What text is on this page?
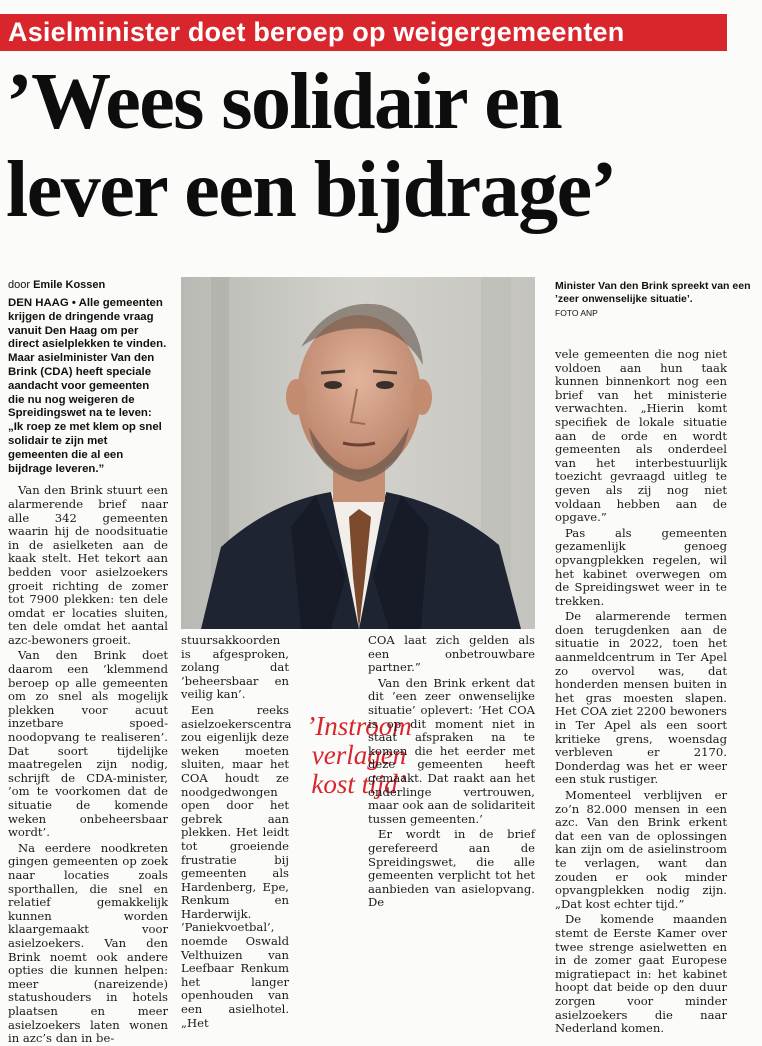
Asielminister doet beroep op weigergemeenten
’Wees solidair en
lever een bijdrage’
door Emile Kossen	Minister Van den Brink spreekt van een ’zeer onwenselijke situatie’.
FOTO ANP

DEN HAAG • Alle gemeenten krijgen de dringende vraag vanuit Den Haag om per direct asielplekken te vinden. Maar asielminister Van den Brink (CDA) heeft speciale aandacht voor gemeenten die nu nog weigeren de Spreidingswet na te leven: „Ik roep ze met klem op snel solidair te zijn met gemeenten die al een bijdrage leveren.”

Van den Brink stuurt een alarmerende brief naar alle 342 gemeenten waarin hij de noodsituatie in de asielketen aan de kaak stelt. Het tekort aan bedden voor asielzoekers groeit richting de zomer tot 7900 plekken: ten dele omdat er locaties sluiten, ten dele omdat het aantal azc-bewoners groeit.

Van den Brink doet daarom een ’klemmend beroep op alle gemeenten om zo snel als mogelijk plekken voor acuut inzetbare spoed-noodopvang te realiseren’. Dat soort tijdelijke maatregelen zijn nodig, schrijft de CDA-minister, ’om te voorkomen dat de situatie de komende weken onbeheersbaar wordt’.

Na eerdere noodkreten gingen gemeenten op zoek naar locaties zoals sporthallen, die snel en relatief gemakkelijk kunnen worden klaargemaakt voor asielzoekers. Van den Brink noemt ook andere opties die kunnen helpen: meer (nareizende) statushouders in hotels plaatsen en meer asielzoekers laten wonen in azc’s dan in be-

stuursakkoorden is afgesproken, zolang dat ’beheersbaar en veilig kan’.

Een reeks asielzoekerscentra zou eigenlijk deze weken moeten sluiten, maar het COA houdt ze noodgedwongen open door het gebrek aan plekken. Het leidt tot groeiende frustratie bij gemeenten als Hardenberg, Epe, Renkum en Harderwijk. ’Paniekvoetbal’, noemde Oswald Velthuizen van Leefbaar Renkum het langer openhouden van een asielhotel. „Het

’Instroom verlagen kost tijd’

COA laat zich gelden als een onbetrouwbare partner.”

Van den Brink erkent dat dit ’een zeer onwenselijke situatie’ oplevert: ’Het COA is op dit moment niet in staat afspraken na te komen die het eerder met deze gemeenten heeft gemaakt. Dat raakt aan het onderlinge vertrouwen, maar ook aan de solidariteit tussen gemeenten.’

Er wordt in de brief gerefereerd aan de Spreidingswet, die alle gemeenten verplicht tot het aanbieden van asielopvang. De

vele gemeenten die nog niet voldoen aan hun taak kunnen binnenkort nog een brief van het ministerie verwachten. „Hierin komt specifiek de lokale situatie aan de orde en wordt gemeenten als onderdeel van het interbestuurlijk toezicht gevraagd uitleg te geven als zij nog niet voldaan hebben aan de opgave.”

Pas als gemeenten gezamenlijk genoeg opvangplekken regelen, wil het kabinet overwegen om de Spreidingswet weer in te trekken.

De alarmerende termen doen terugdenken aan de situatie in 2022, toen het aanmeldcentrum in Ter Apel zo overvol was, dat honderden mensen buiten in het gras moesten slapen. Het COA ziet 2200 bewoners in Ter Apel als een soort kritieke grens, woensdag verbleven er 2170. Donderdag was het er weer een stuk rustiger.

Momenteel verblijven er zo’n 82.000 mensen in een azc. Van den Brink erkent dat een van de oplossingen kan zijn om de asielinstroom te verlagen, want dan zouden er ook minder opvangplekken nodig zijn. „Dat kost echter tijd.”

De komende maanden stemt de Eerste Kamer over twee strenge asielwetten en in de zomer gaat Europese migratiepact in: het kabinet hoopt dat beide op den duur zorgen voor minder asielzoekers die naar Nederland komen.
